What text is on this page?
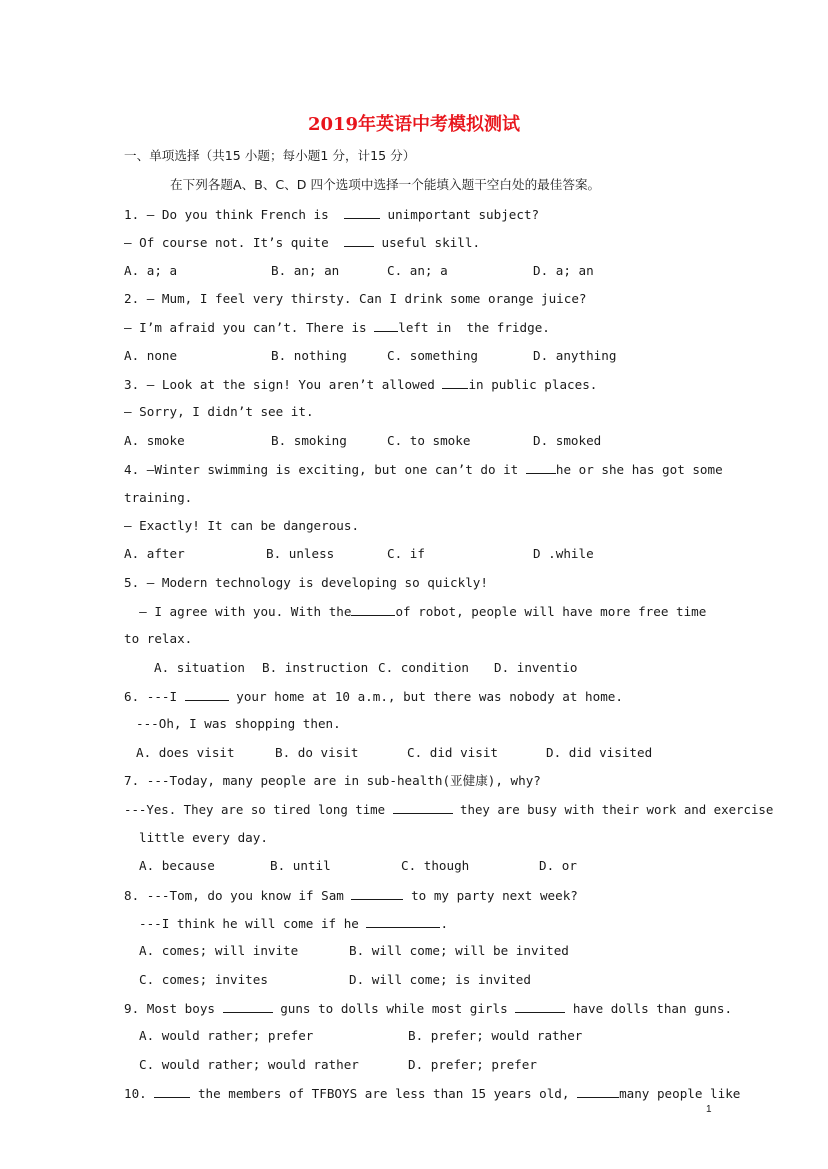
2019年英语中考模拟测试
一、单项选择（共15 小题；每小题1 分，计15 分）
在下列各题A、B、C、D 四个选项中选择一个能填入题干空白处的最佳答案。
1. — Do you think French is	unimportant subject?
— Of course not. It’s quite	useful skill.
A. a; a	B. an; an	C. an; a	D. a; an
2. — Mum, I feel very thirsty. Can I drink some orange juice?
— I’m afraid you can’t. There is	left in  the fridge.
A. none	B. nothing	C. something	D. anything
3. — Look at the sign! You aren’t allowed	in public places.
— Sorry, I didn’t see it.
A. smoke	B. smoking	C. to smoke	D. smoked
4. —Winter swimming is exciting, but one can’t do it	he or she has got some
training.
— Exactly! It can be dangerous.
A. after	B. unless	C. if	D .while
5. — Modern technology is developing so quickly!
— I agree with you. With the	of robot, people will have more free time
to relax.
A. situation B. instruction C. condition D. inventio
6. ---I	your home at 10 a.m., but there was nobody at home.
---Oh, I was shopping then.
A. does visit	B. do visit	C. did visit	D. did visited
7. ---Today, many people are in sub-health(亚健康), why?
---Yes. They are so tired long time	they are busy with their work and exercise
little every day.
A. because	B. until	C. though	D. or
8. ---Tom, do you know if Sam	to my party next week?
---I think he will come if he	.
A. comes; will invite	B. will come; will be invited
C. comes; invites	D. will come; is invited
9. Most boys	guns to dolls while most girls	have dolls than guns.
A. would rather; prefer	B. prefer; would rather
C. would rather; would rather	D. prefer; prefer
10.	the members of TFBOYS are less than 15 years old,	many people like
1
